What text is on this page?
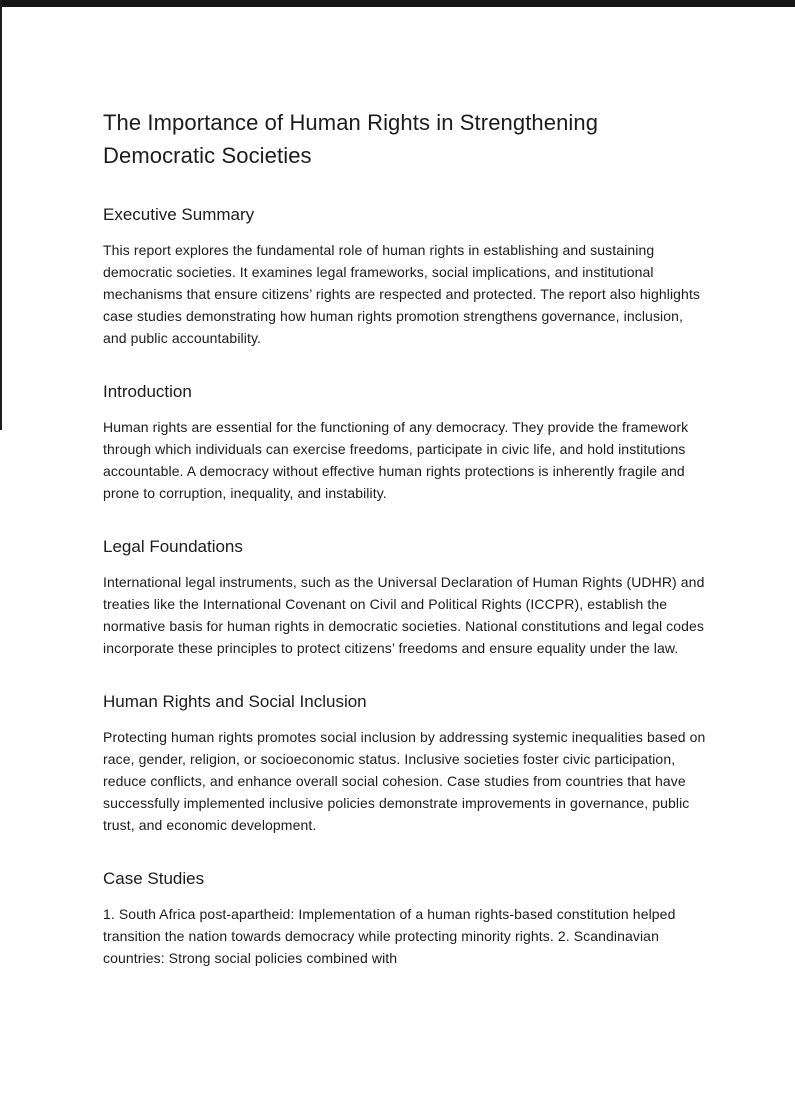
The Importance of Human Rights in Strengthening Democratic Societies
Executive Summary

This report explores the fundamental role of human rights in establishing and sustaining democratic societies. It examines legal frameworks, social implications, and institutional mechanisms that ensure citizens’ rights are respected and protected. The report also highlights case studies demonstrating how human rights promotion strengthens governance, inclusion, and public accountability.

Introduction

Human rights are essential for the functioning of any democracy. They provide the framework through which individuals can exercise freedoms, participate in civic life, and hold institutions accountable. A democracy without effective human rights protections is inherently fragile and prone to corruption, inequality, and instability.

Legal Foundations

International legal instruments, such as the Universal Declaration of Human Rights (UDHR) and treaties like the International Covenant on Civil and Political Rights (ICCPR), establish the normative basis for human rights in democratic societies. National constitutions and legal codes incorporate these principles to protect citizens’ freedoms and ensure equality under the law.

Human Rights and Social Inclusion

Protecting human rights promotes social inclusion by addressing systemic inequalities based on race, gender, religion, or socioeconomic status. Inclusive societies foster civic participation, reduce conflicts, and enhance overall social cohesion. Case studies from countries that have successfully implemented inclusive policies demonstrate improvements in governance, public trust, and economic development.

Case Studies

1. South Africa post-apartheid: Implementation of a human rights-based constitution helped transition the nation towards democracy while protecting minority rights. 2. Scandinavian countries: Strong social policies combined with
